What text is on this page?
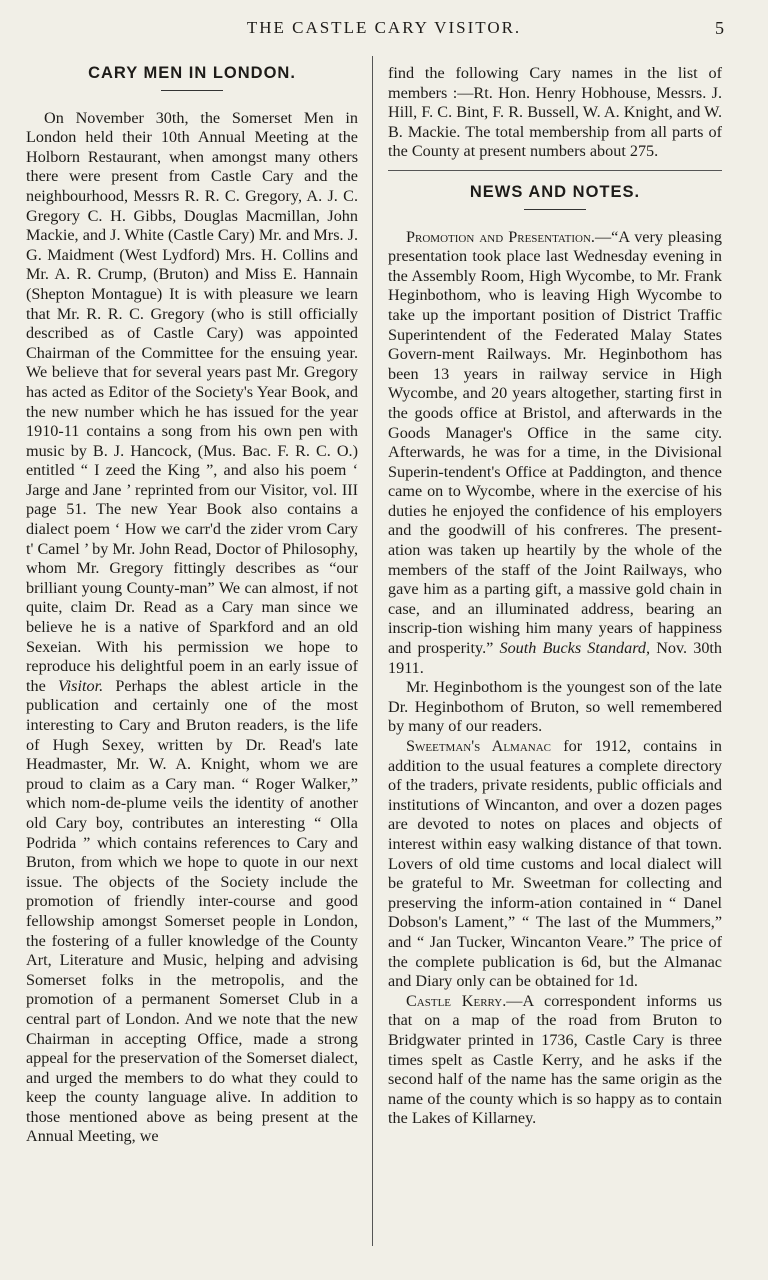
THE CASTLE CARY VISITOR.	5
CARY MEN IN LONDON.

On November 30th, the Somerset Men in London held their 10th Annual Meeting at the Holborn Restaurant, when amongst many others there were present from Castle Cary and the neighbourhood, Messrs R. R. C. Gregory, A. J. C. Gregory C. H. Gibbs, Douglas Macmillan, John Mackie, and J. White (Castle Cary) Mr. and Mrs. J. G. Maidment (West Lydford) Mrs. H. Collins and Mr. A. R. Crump, (Bruton) and Miss E. Hannain (Shepton Montague) It is with pleasure we learn that Mr. R. R. C. Gregory (who is still officially described as of Castle Cary) was appointed Chairman of the Committee for the ensuing year. We believe that for several years past Mr. Gregory has acted as Editor of the Society's Year Book, and the new number which he has issued for the year 1910-11 contains a song from his own pen with music by B. J. Hancock, (Mus. Bac. F. R. C. O.) entitled “ I zeed the King ”, and also his poem ‘ Jarge and Jane ’ reprinted from our Visitor, vol. III page 51. The new Year Book also contains a dialect poem ‘ How we carr'd the zider vrom Cary t' Camel ’ by Mr. John Read, Doctor of Philosophy, whom Mr. Gregory fittingly describes as “our brilliant young County-man” We can almost, if not quite, claim Dr. Read as a Cary man since we believe he is a native of Sparkford and an old Sexeian. With his permission we hope to reproduce his delightful poem in an early issue of the Visitor. Perhaps the ablest article in the publication and certainly one of the most interesting to Cary and Bruton readers, is the life of Hugh Sexey, written by Dr. Read's late Headmaster, Mr. W. A. Knight, whom we are proud to claim as a Cary man. “ Roger Walker,” which nom-de-plume veils the identity of another old Cary boy, contributes an interesting “ Olla Podrida ” which contains references to Cary and Bruton, from which we hope to quote in our next issue. The objects of the Society include the promotion of friendly inter-course and good fellowship amongst Somerset people in London, the fostering of a fuller knowledge of the County Art, Literature and Music, helping and advising Somerset folks in the metropolis, and the promotion of a permanent Somerset Club in a central part of London. And we note that the new Chairman in accepting Office, made a strong appeal for the preservation of the Somerset dialect, and urged the members to do what they could to keep the county language alive. In addition to those mentioned above as being present at the Annual Meeting, we

find the following Cary names in the list of members :—Rt. Hon. Henry Hobhouse, Messrs. J. Hill, F. C. Bint, F. R. Bussell, W. A. Knight, and W. B. Mackie. The total membership from all parts of the County at present numbers about 275.

NEWS AND NOTES.

Promotion and Presentation.—“A very pleasing presentation took place last Wednesday evening in the Assembly Room, High Wycombe, to Mr. Frank Heginbothom, who is leaving High Wycombe to take up the important position of District Traffic Superintendent of the Federated Malay States Govern-ment Railways. Mr. Heginbothom has been 13 years in railway service in High Wycombe, and 20 years altogether, starting first in the goods office at Bristol, and afterwards in the Goods Manager's Office in the same city. Afterwards, he was for a time, in the Divisional Superin-tendent's Office at Paddington, and thence came on to Wycombe, where in the exercise of his duties he enjoyed the confidence of his employers and the goodwill of his confreres. The present-ation was taken up heartily by the whole of the members of the staff of the Joint Railways, who gave him as a parting gift, a massive gold chain in case, and an illuminated address, bearing an inscrip-tion wishing him many years of happiness and prosperity.” South Bucks Standard, Nov. 30th 1911.

Mr. Heginbothom is the youngest son of the late Dr. Heginbothom of Bruton, so well remembered by many of our readers.

Sweetman's Almanac for 1912, contains in addition to the usual features a complete directory of the traders, private residents, public officials and institutions of Wincanton, and over a dozen pages are devoted to notes on places and objects of interest within easy walking distance of that town. Lovers of old time customs and local dialect will be grateful to Mr. Sweetman for collecting and preserving the inform-ation contained in “ Danel Dobson's Lament,” “ The last of the Mummers,” and “ Jan Tucker, Wincanton Veare.” The price of the complete publication is 6d, but the Almanac and Diary only can be obtained for 1d.

Castle Kerry.—A correspondent informs us that on a map of the road from Bruton to Bridgwater printed in 1736, Castle Cary is three times spelt as Castle Kerry, and he asks if the second half of the name has the same origin as the name of the county which is so happy as to contain the Lakes of Killarney.
